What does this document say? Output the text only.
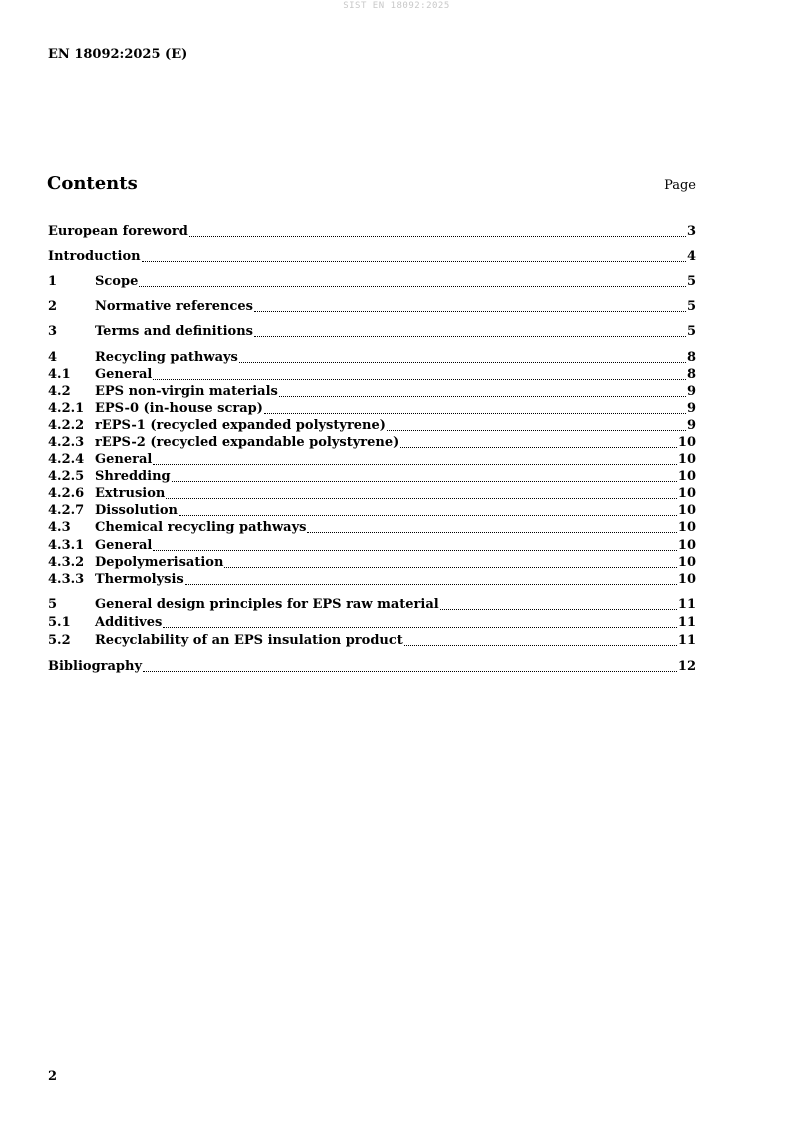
SIST EN 18092:2025
EN 18092:2025 (E)
Contents	Page
European foreword	3
Introduction	4
1	Scope	5
2	Normative references	5
3	Terms and definitions	5
4	Recycling pathways	8
4.1	General	8
4.2	EPS non-virgin materials	9
4.2.1 EPS-0 (in-house scrap)	9
4.2.2 rEPS-1 (recycled expanded polystyrene)	9
4.2.3 rEPS-2 (recycled expandable polystyrene)	10
4.2.4 General	10
4.2.5 Shredding	10
4.2.6 Extrusion	10
4.2.7 Dissolution	10
4.3	Chemical recycling pathways	10
4.3.1 General	10
4.3.2 Depolymerisation	10
4.3.3 Thermolysis	10
5	General design principles for EPS raw material	11
5.1	Additives	11
5.2	Recyclability of an EPS insulation product	11
Bibliography	12
2
